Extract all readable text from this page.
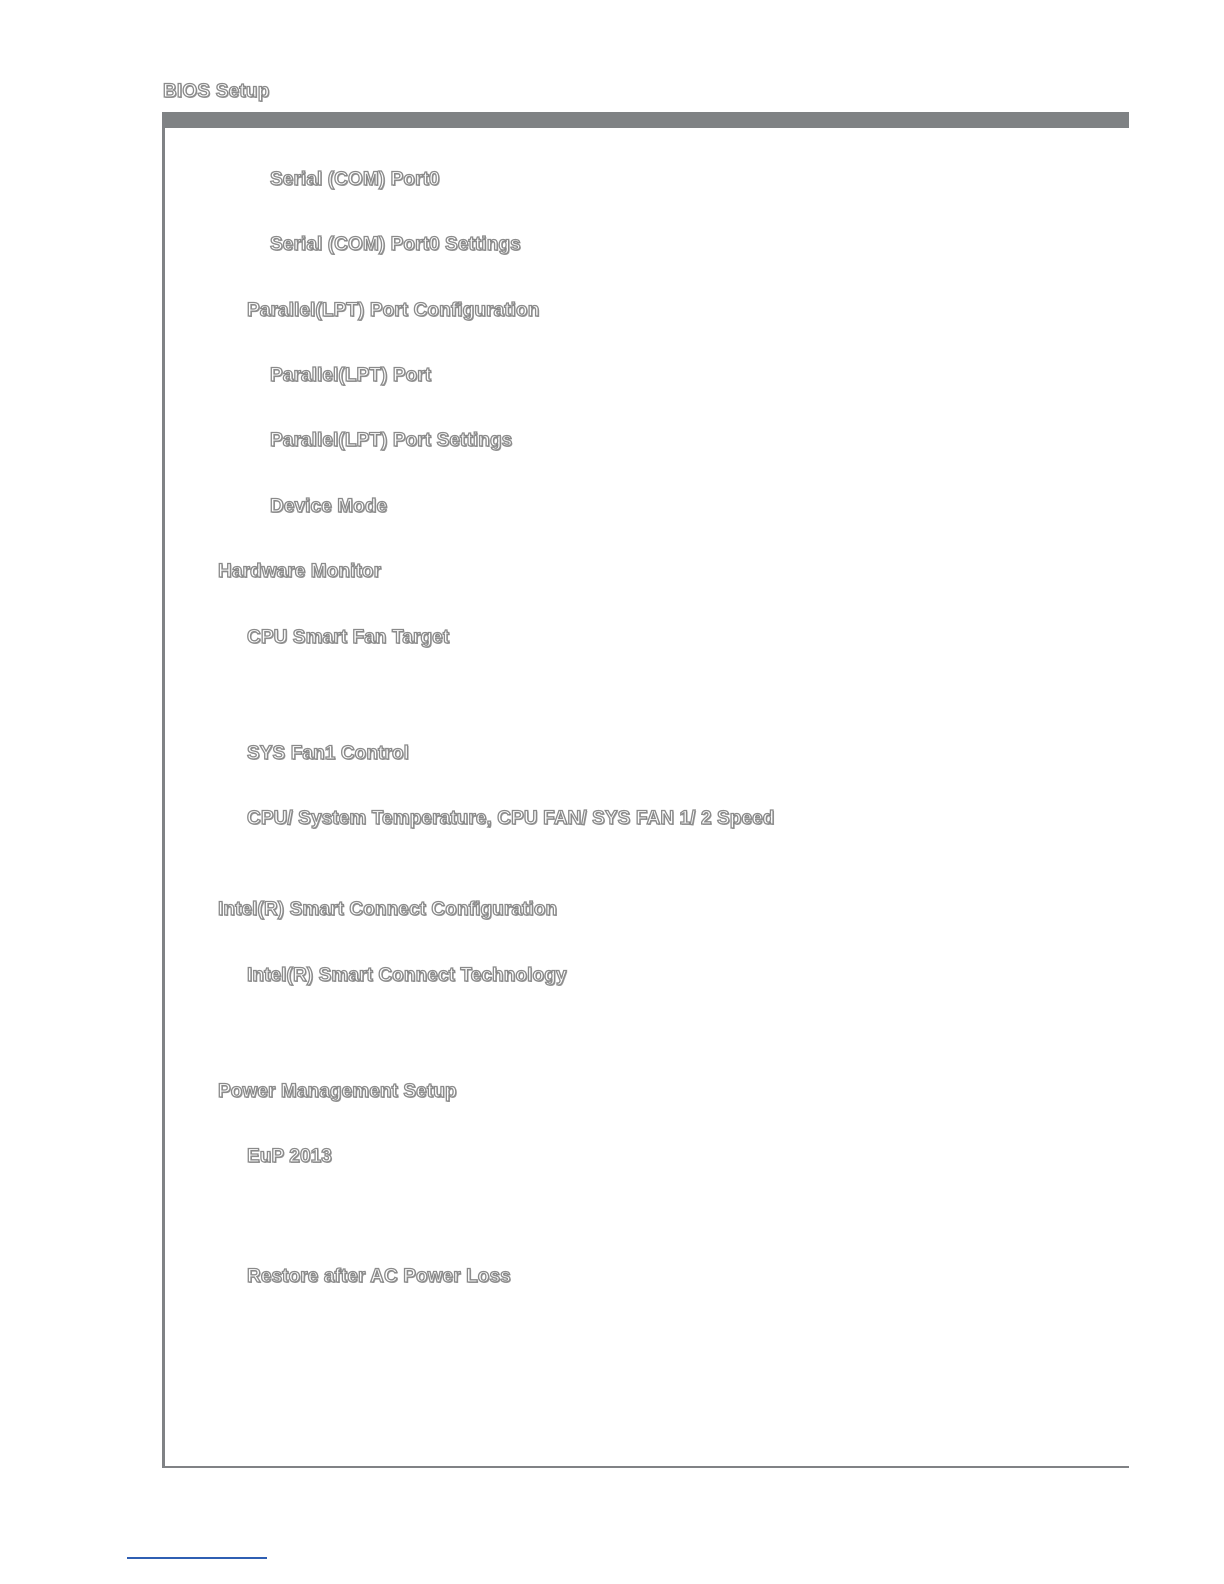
BIOS Setup
Serial (COM) Port0
Serial (COM) Port0 Settings
Parallel(LPT) Port Configuration
Parallel(LPT) Port
Parallel(LPT) Port Settings
Device Mode
Hardware Monitor
CPU Smart Fan Target
SYS Fan1 Control
CPU/ System Temperature, CPU FAN/ SYS FAN 1/ 2 Speed
Intel(R) Smart Connect Configuration
Intel(R) Smart Connect Technology
Power Management Setup
EuP 2013
Restore after AC Power Loss
